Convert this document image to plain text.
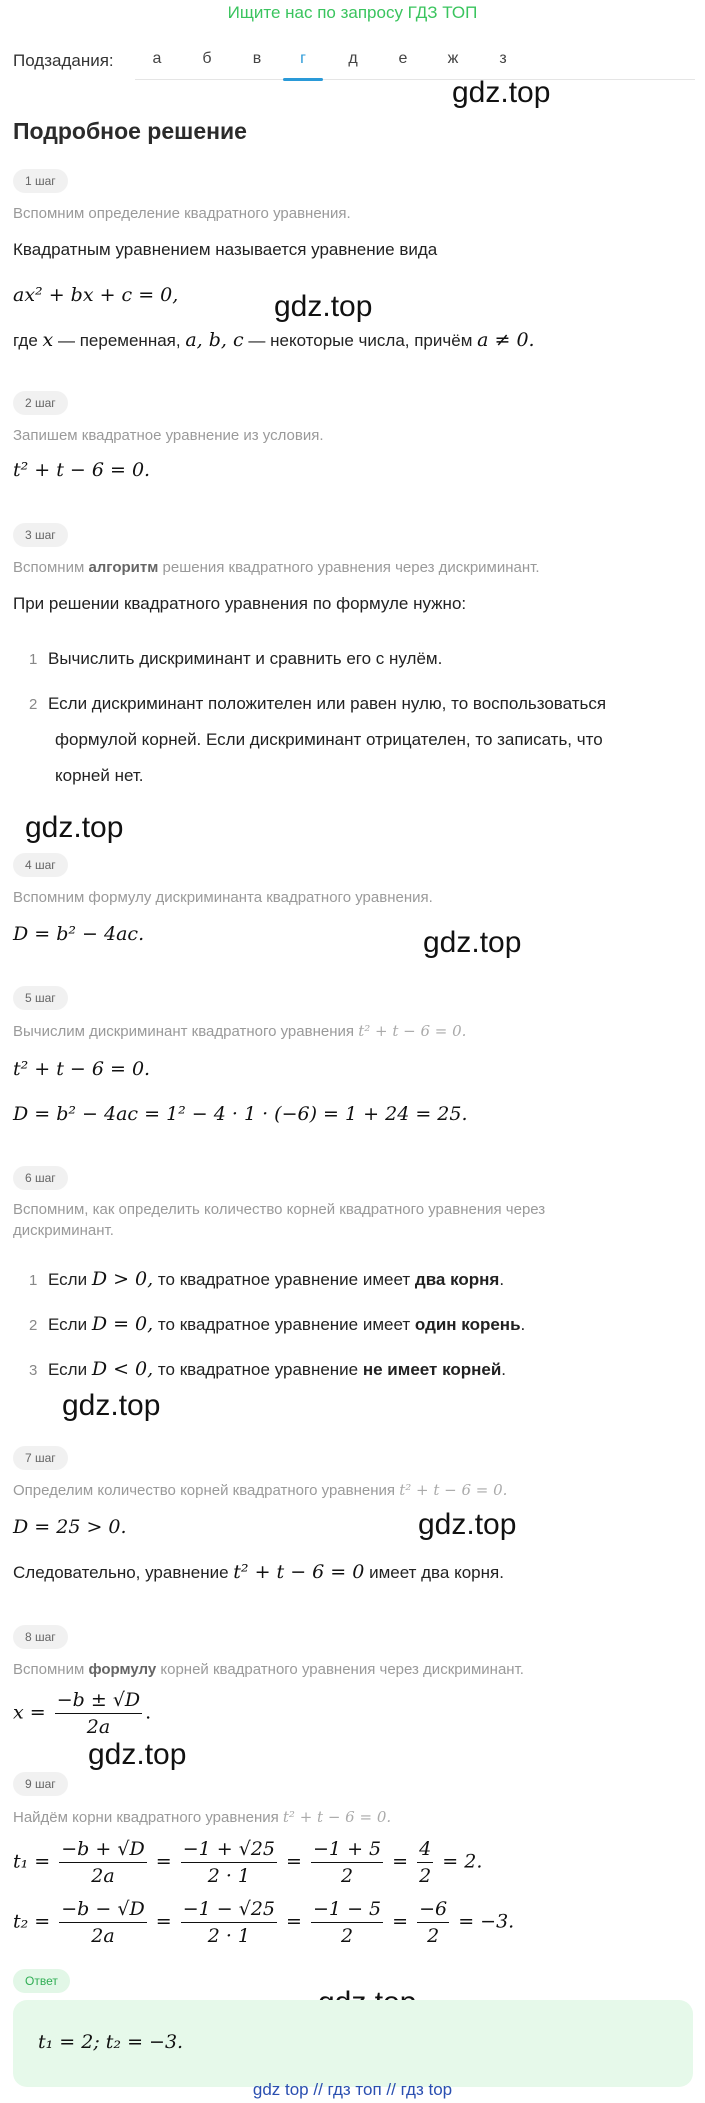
Ищите нас по запросу ГДЗ ТОП
Подзадания:	а	б	в	г	д	е	ж	з
gdz.top
gdz.top
gdz.top
gdz.top
gdz.top
gdz.top
gdz.top
Подробное решение
1 шаг
Вспомним определение квадратного уравнения.
Квадратным уравнением называется уравнение вида
ax² + bx + c = 0,
где x — переменная, a, b, c — некоторые числа, причём a ≠ 0.
2 шаг
Запишем квадратное уравнение из условия.
t² + t − 6 = 0.
3 шаг
Вспомним алгоритм решения квадратного уравнения через дискриминант.
При решении квадратного уравнения по формуле нужно:
1 Вычислить дискриминант и сравнить его с нулём.
2 Если дискриминант положителен или равен нулю, то воспользоваться
формулой корней. Если дискриминант отрицателен, то записать, что
корней нет.
4 шаг
Вспомним формулу дискриминанта квадратного уравнения.
D = b² − 4ac.
5 шаг
Вычислим дискриминант квадратного уравнения t² + t − 6 = 0.
t² + t − 6 = 0.
D = b² − 4ac = 1² − 4 · 1 · (−6) = 1 + 24 = 25.
6 шаг
Вспомним, как определить количество корней квадратного уравнения через
дискриминант.
1 Если D > 0, то квадратное уравнение имеет два корня.
2 Если D = 0, то квадратное уравнение имеет один корень.
3 Если D < 0, то квадратное уравнение не имеет корней.
7 шаг
Определим количество корней квадратного уравнения t² + t − 6 = 0.
D = 25 > 0.
Следовательно, уравнение t² + t − 6 = 0 имеет два корня.
8 шаг
Вспомним формулу корней квадратного уравнения через дискриминант.
$x = \frac{-b \pm √D}{2a}$ .
9 шаг
Найдём корни квадратного уравнения t² + t − 6 = 0.
$t_1 = \frac{-b + √D}{2a} = \frac{-1 + √25}{2 \cdot 1} = \frac{-1 + 5}{2} = \frac{4}{2} = 2$.
$t_2 = \frac{-b - √D}{2a} = \frac{-1 - √25}{2 \cdot 1} = \frac{-1 - 5}{2} = \frac{-6}{2} = -3$.
Ответ
t₁ = 2; t₂ = −3.
gdz top // гдз топ // гдз top
